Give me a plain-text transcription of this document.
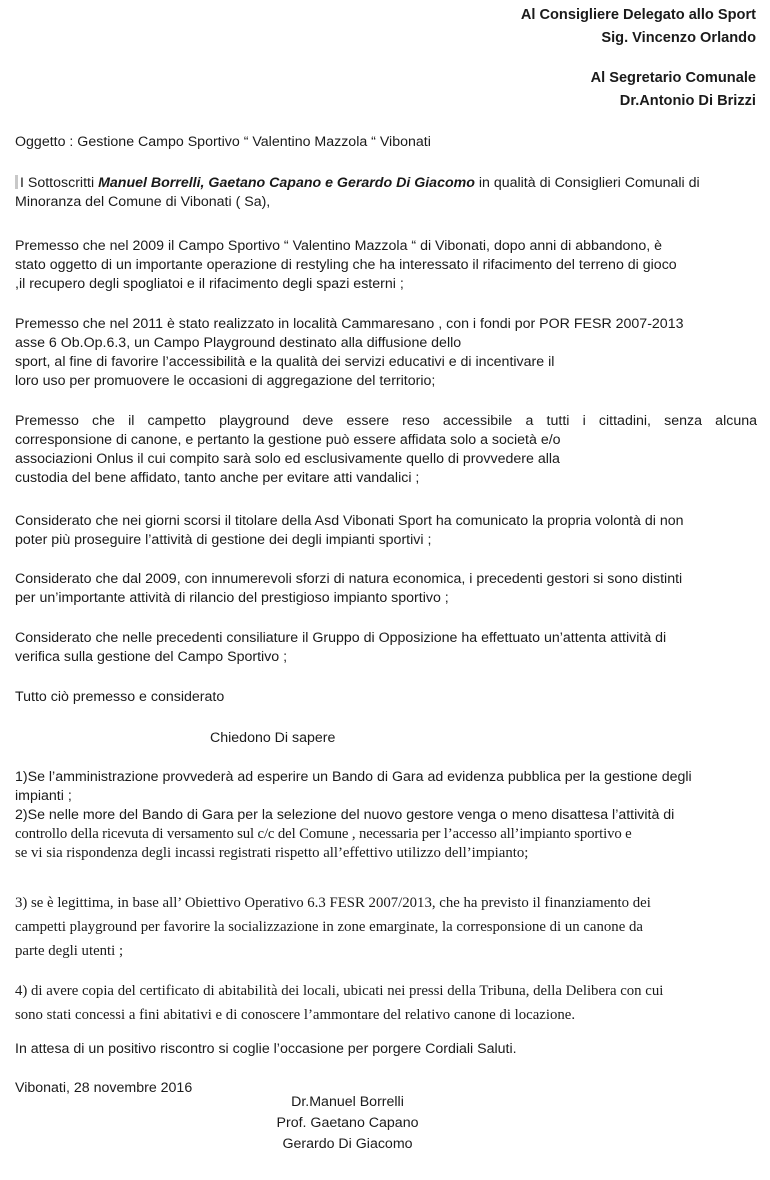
Al Consigliere Delegato allo Sport
Sig. Vincenzo Orlando
Al Segretario Comunale
Dr.Antonio Di Brizzi

Oggetto : Gestione Campo Sportivo “ Valentino Mazzola “ Vibonati

I Sottoscritti Manuel Borrelli, Gaetano Capano e Gerardo Di Giacomo in qualità di Consiglieri Comunali di
Minoranza del Comune di Vibonati ( Sa),

Premesso che nel 2009 il Campo Sportivo “ Valentino Mazzola “ di Vibonati, dopo anni di abbandono, è
stato oggetto di un importante operazione di restyling che ha interessato il rifacimento del terreno di gioco
,il recupero degli spogliatoi e il rifacimento degli spazi esterni ;

Premesso che nel 2011 è stato realizzato in località Cammaresano , con i fondi por POR FESR 2007-2013
asse 6 Ob.Op.6.3, un Campo Playground destinato alla diffusione dello
sport, al fine di favorire l’accessibilità e la qualità dei servizi educativi e di incentivare il
loro uso per promuovere le occasioni di aggregazione del territorio;

Premesso che il campetto playground deve essere reso accessibile a tutti i cittadini, senza alcuna
corresponsione di canone, e pertanto la gestione può essere affidata solo a società e/o
associazioni Onlus il cui compito sarà solo ed esclusivamente quello di provvedere alla
custodia del bene affidato, tanto anche per evitare atti vandalici ;

Considerato che nei giorni scorsi il titolare della Asd Vibonati Sport ha comunicato la propria volontà di non
poter più proseguire l’attività di gestione dei degli impianti sportivi ;

Considerato che dal 2009, con innumerevoli sforzi di natura economica, i precedenti gestori si sono distinti
per un’importante attività di rilancio del prestigioso impianto sportivo ;

Considerato che nelle precedenti consiliature il Gruppo di Opposizione ha effettuato un’attenta attività di
verifica sulla gestione del Campo Sportivo ;

Tutto ciò premesso e considerato

Chiedono Di sapere

1)Se l’amministrazione provvederà ad esperire un Bando di Gara ad evidenza pubblica per la gestione degli
impianti ;

2)Se nelle more del Bando di Gara per la selezione del nuovo gestore venga o meno disattesa l’attività di
controllo della ricevuta di versamento sul c/c del Comune , necessaria per l’accesso all’impianto sportivo e
se vi sia rispondenza degli incassi registrati rispetto all’effettivo utilizzo dell’impianto;

3) se è legittima, in base all’ Obiettivo Operativo 6.3 FESR 2007/2013, che ha previsto il finanziamento dei
campetti playground per favorire la socializzazione in zone emarginate, la corresponsione di un canone da
parte degli utenti ;

4) di avere copia del certificato di abitabilità dei locali, ubicati nei pressi della Tribuna, della Delibera con cui
sono stati concessi a fini abitativi e di conoscere l’ammontare del relativo canone di locazione.

In attesa di un positivo riscontro si coglie l’occasione per porgere Cordiali Saluti.

Vibonati, 28 novembre 2016

Dr.Manuel Borrelli
Prof. Gaetano Capano
Gerardo Di Giacomo
